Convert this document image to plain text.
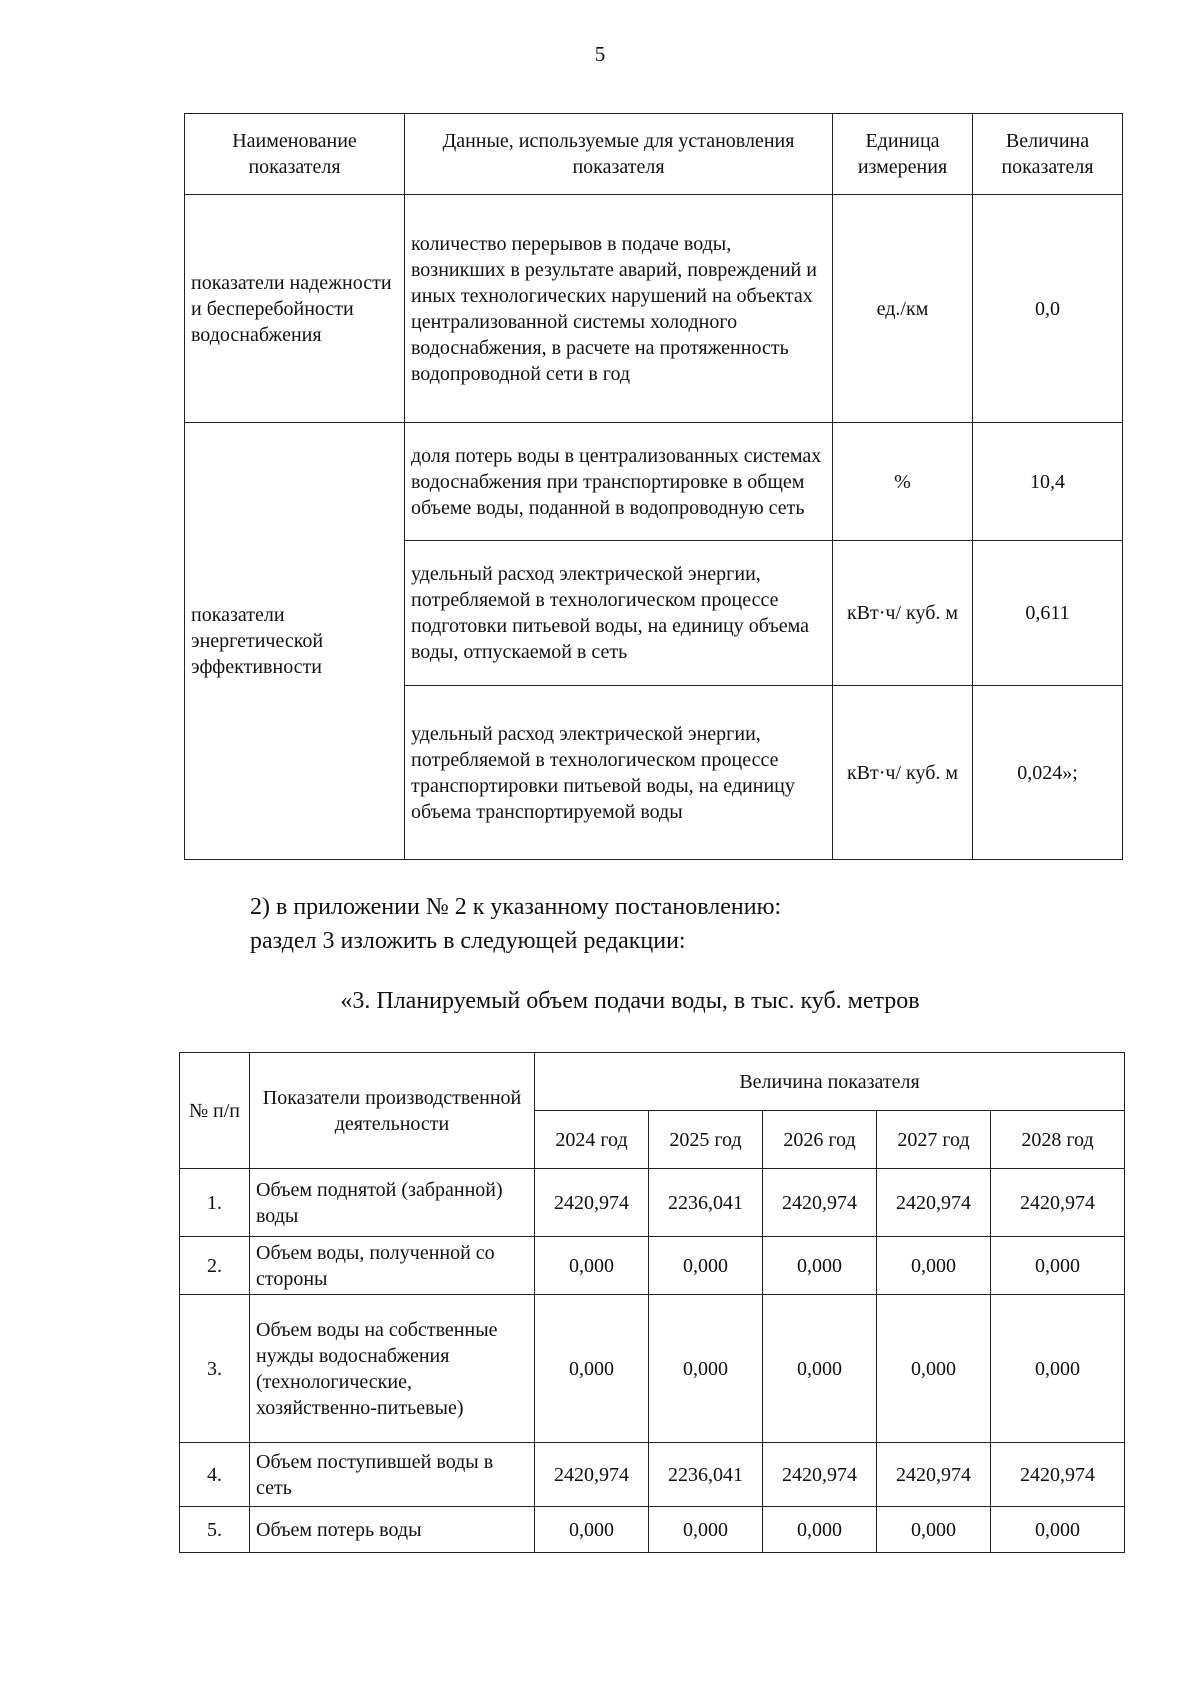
5
Наименование показателя	Данные, используемые для установления показателя	Единица измерения	Величина показателя
показатели надежности и бесперебойности водоснабжения	количество перерывов в подаче воды, возникших в результате аварий, повреждений и иных технологических нарушений на объектах централизованной системы холодного водоснабжения, в расчете на протяженность водопроводной сети в год	ед./км	0,0
показатели энергетической эффективности	доля потерь воды в централизованных системах водоснабжения при транспортировке в общем объеме воды, поданной в водопроводную сеть	%	10,4
	удельный расход электрической энергии, потребляемой в технологическом процессе подготовки питьевой воды, на единицу объема воды, отпускаемой в сеть	кВт·ч/ куб. м	0,611
	удельный расход электрической энергии, потребляемой в технологическом процессе транспортировки питьевой воды, на единицу объема транспортируемой воды	кВт·ч/ куб. м	0,024»;
2) в приложении № 2 к указанному постановлению:
раздел 3 изложить в следующей редакции:
«3. Планируемый объем подачи воды, в тыс. куб. метров
№ п/п	Показатели производственной деятельности	Величина показателя				
		2024 год	2025 год	2026 год	2027 год	2028 год
1.	Объем поднятой (забранной) воды	2420,974	2236,041	2420,974	2420,974	2420,974
2.	Объем воды, полученной со стороны	0,000	0,000	0,000	0,000	0,000
3.	Объем воды на собственные нужды водоснабжения (технологические, хозяйственно-питьевые)	0,000	0,000	0,000	0,000	0,000
4.	Объем поступившей воды в сеть	2420,974	2236,041	2420,974	2420,974	2420,974
5.	Объем потерь воды	0,000	0,000	0,000	0,000	0,000
